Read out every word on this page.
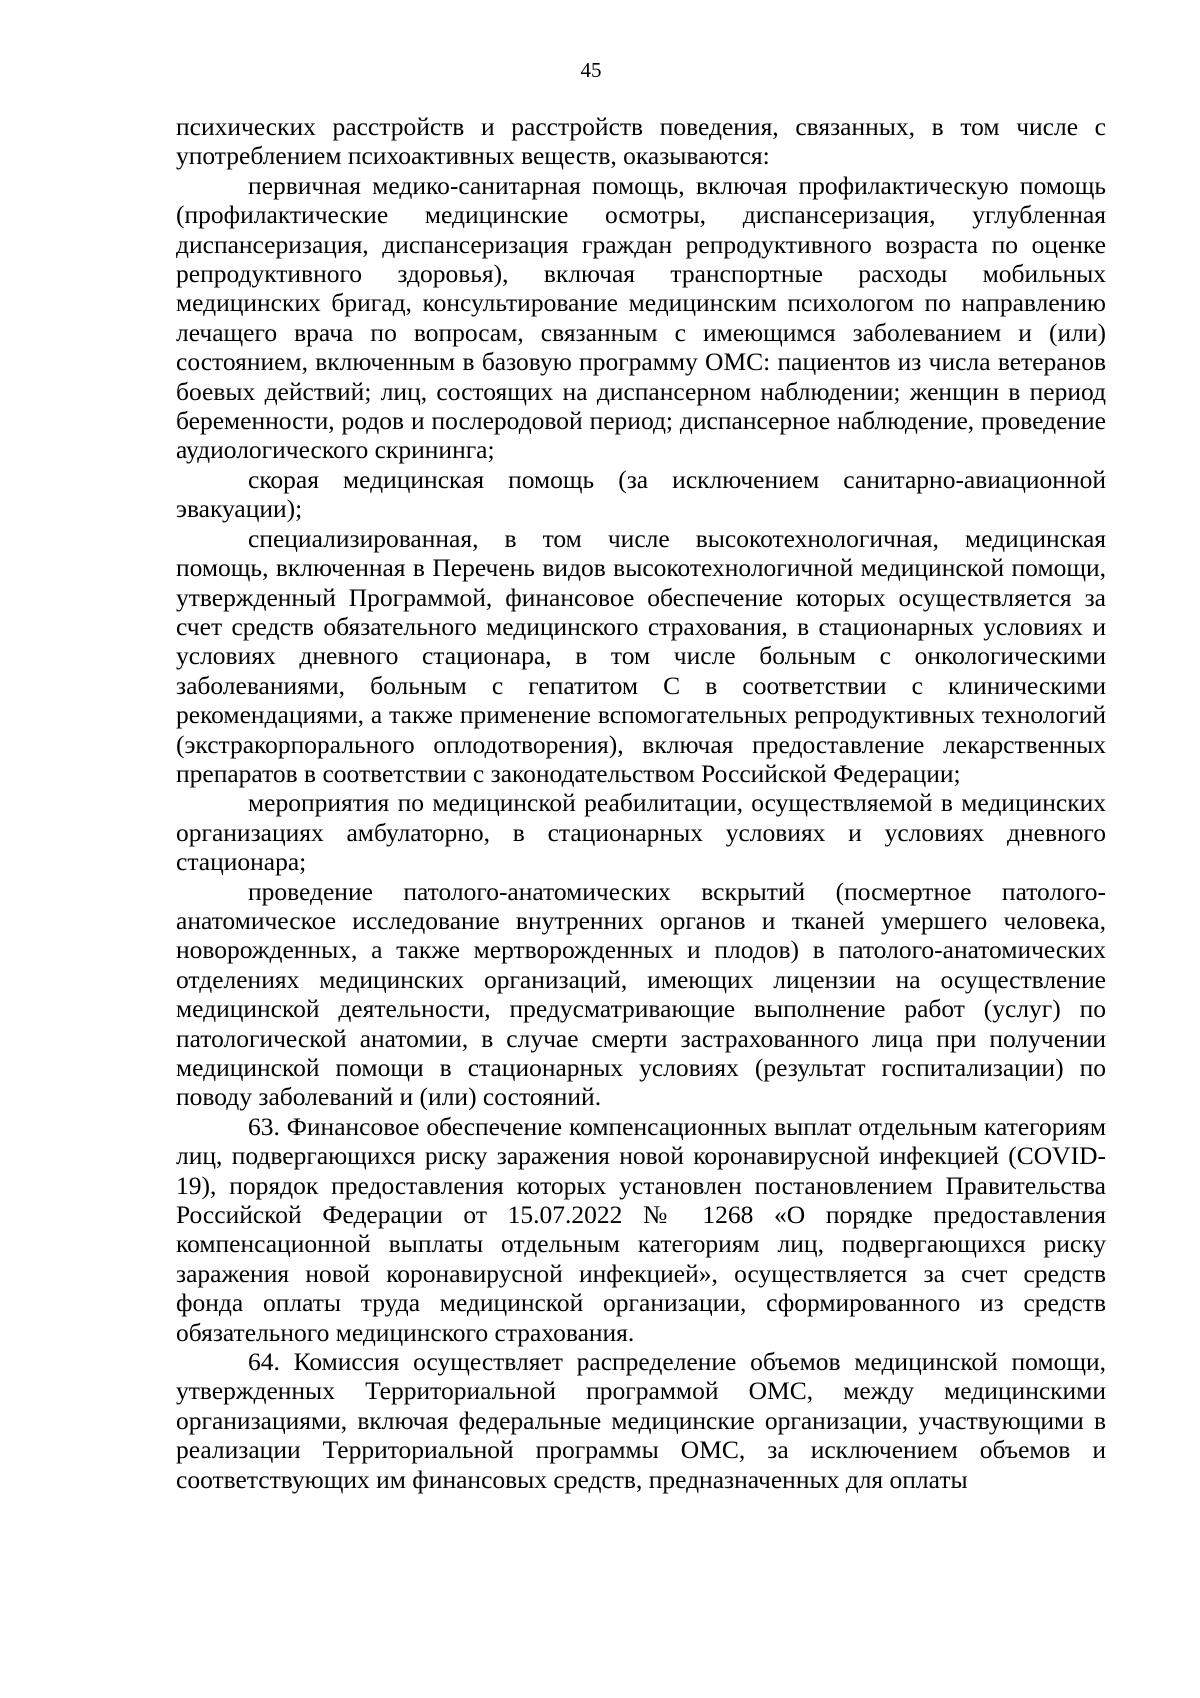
45

психических расстройств и расстройств поведения, связанных, в том числе с употреблением психоактивных веществ, оказываются:

первичная медико-санитарная помощь, включая профилактическую помощь (профилактические медицинские осмотры, диспансеризация, углубленная диспансеризация, диспансеризация граждан репродуктивного возраста по оценке репродуктивного здоровья), включая транспортные расходы мобильных медицинских бригад, консультирование медицинским психологом по направлению лечащего врача по вопросам, связанным с имеющимся заболеванием и (или) состоянием, включенным в базовую программу ОМС: пациентов из числа ветеранов боевых действий; лиц, состоящих на диспансерном наблюдении; женщин в период беременности, родов и послеродовой период; диспансерное наблюдение, проведение аудиологического скрининга;

скорая медицинская помощь (за исключением санитарно-авиационной эвакуации);

специализированная, в том числе высокотехнологичная, медицинская помощь, включенная в Перечень видов высокотехнологичной медицинской помощи, утвержденный Программой, финансовое обеспечение которых осуществляется за счет средств обязательного медицинского страхования, в стационарных условиях и условиях дневного стационара, в том числе больным с онкологическими заболеваниями, больным с гепатитом С в соответствии с клиническими рекомендациями, а также применение вспомогательных репродуктивных технологий (экстракорпорального оплодотворения), включая предоставление лекарственных препаратов в соответствии с законодательством Российской Федерации;

мероприятия по медицинской реабилитации, осуществляемой в медицинских организациях амбулаторно, в стационарных условиях и условиях дневного стационара;

проведение патолого-анатомических вскрытий (посмертное патолого-анатомическое исследование внутренних органов и тканей умершего человека, новорожденных, а также мертворожденных и плодов) в патолого-анатомических отделениях медицинских организаций, имеющих лицензии на осуществление медицинской деятельности, предусматривающие выполнение работ (услуг) по патологической анатомии, в случае смерти застрахованного лица при получении медицинской помощи в стационарных условиях (результат госпитализации) по поводу заболеваний и (или) состояний.

63. Финансовое обеспечение компенсационных выплат отдельным категориям лиц, подвергающихся риску заражения новой коронавирусной инфекцией (COVID-19), порядок предоставления которых установлен постановлением Правительства Российской Федерации от 15.07.2022 № 1268 «О порядке предоставления компенсационной выплаты отдельным категориям лиц, подвергающихся риску заражения новой коронавирусной инфекцией», осуществляется за счет средств фонда оплаты труда медицинской организации, сформированного из средств обязательного медицинского страхования.

64. Комиссия осуществляет распределение объемов медицинской помощи, утвержденных Территориальной программой ОМС, между медицинскими организациями, включая федеральные медицинские организации, участвующими в реализации Территориальной программы ОМС, за исключением объемов и соответствующих им финансовых средств, предназначенных для оплаты
